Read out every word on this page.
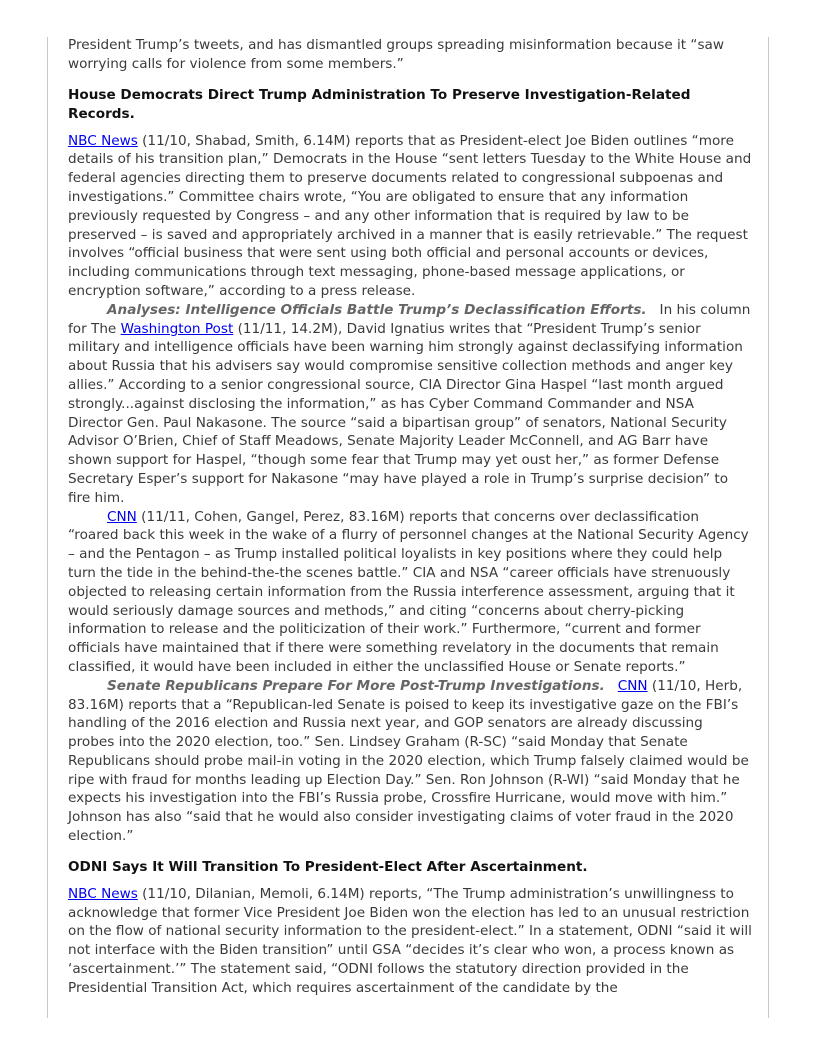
President Trump’s tweets, and has dismantled groups spreading misinformation because it “saw worrying calls for violence from some members.”

House Democrats Direct Trump Administration To Preserve Investigation-Related Records.

NBC News (11/10, Shabad, Smith, 6.14M) reports that as President-elect Joe Biden outlines “more details of his transition plan,” Democrats in the House “sent letters Tuesday to the White House and federal agencies directing them to preserve documents related to congressional subpoenas and investigations.” Committee chairs wrote, “You are obligated to ensure that any information previously requested by Congress – and any other information that is required by law to be preserved – is saved and appropriately archived in a manner that is easily retrievable.” The request involves “official business that were sent using both official and personal accounts or devices, including communications through text messaging, phone-based message applications, or encryption software,” according to a press release.

Analyses: Intelligence Officials Battle Trump’s Declassification Efforts.   In his column for The Washington Post (11/11, 14.2M), David Ignatius writes that “President Trump’s senior military and intelligence officials have been warning him strongly against declassifying information about Russia that his advisers say would compromise sensitive collection methods and anger key allies.” According to a senior congressional source, CIA Director Gina Haspel “last month argued strongly...against disclosing the information,” as has Cyber Command Commander and NSA Director Gen. Paul Nakasone. The source “said a bipartisan group” of senators, National Security Advisor O’Brien, Chief of Staff Meadows, Senate Majority Leader McConnell, and AG Barr have shown support for Haspel, “though some fear that Trump may yet oust her,” as former Defense Secretary Esper’s support for Nakasone “may have played a role in Trump’s surprise decision” to fire him.

CNN (11/11, Cohen, Gangel, Perez, 83.16M) reports that concerns over declassification “roared back this week in the wake of a flurry of personnel changes at the National Security Agency – and the Pentagon – as Trump installed political loyalists in key positions where they could help turn the tide in the behind-the-the scenes battle.” CIA and NSA “career officials have strenuously objected to releasing certain information from the Russia interference assessment, arguing that it would seriously damage sources and methods,” and citing “concerns about cherry-picking information to release and the politicization of their work.” Furthermore, “current and former officials have maintained that if there were something revelatory in the documents that remain classified, it would have been included in either the unclassified House or Senate reports.”

Senate Republicans Prepare For More Post-Trump Investigations. CNN (11/10, Herb, 83.16M) reports that a “Republican-led Senate is poised to keep its investigative gaze on the FBI’s handling of the 2016 election and Russia next year, and GOP senators are already discussing probes into the 2020 election, too.” Sen. Lindsey Graham (R-SC) “said Monday that Senate Republicans should probe mail-in voting in the 2020 election, which Trump falsely claimed would be ripe with fraud for months leading up Election Day.” Sen. Ron Johnson (R-WI) “said Monday that he expects his investigation into the FBI’s Russia probe, Crossfire Hurricane, would move with him.” Johnson has also “said that he would also consider investigating claims of voter fraud in the 2020 election.”

ODNI Says It Will Transition To President-Elect After Ascertainment.

NBC News (11/10, Dilanian, Memoli, 6.14M) reports, “The Trump administration’s unwillingness to acknowledge that former Vice President Joe Biden won the election has led to an unusual restriction on the flow of national security information to the president-elect.” In a statement, ODNI “said it will not interface with the Biden transition” until GSA “decides it’s clear who won, a process known as ‘ascertainment.’” The statement said, “ODNI follows the statutory direction provided in the Presidential Transition Act, which requires ascertainment of the candidate by the
